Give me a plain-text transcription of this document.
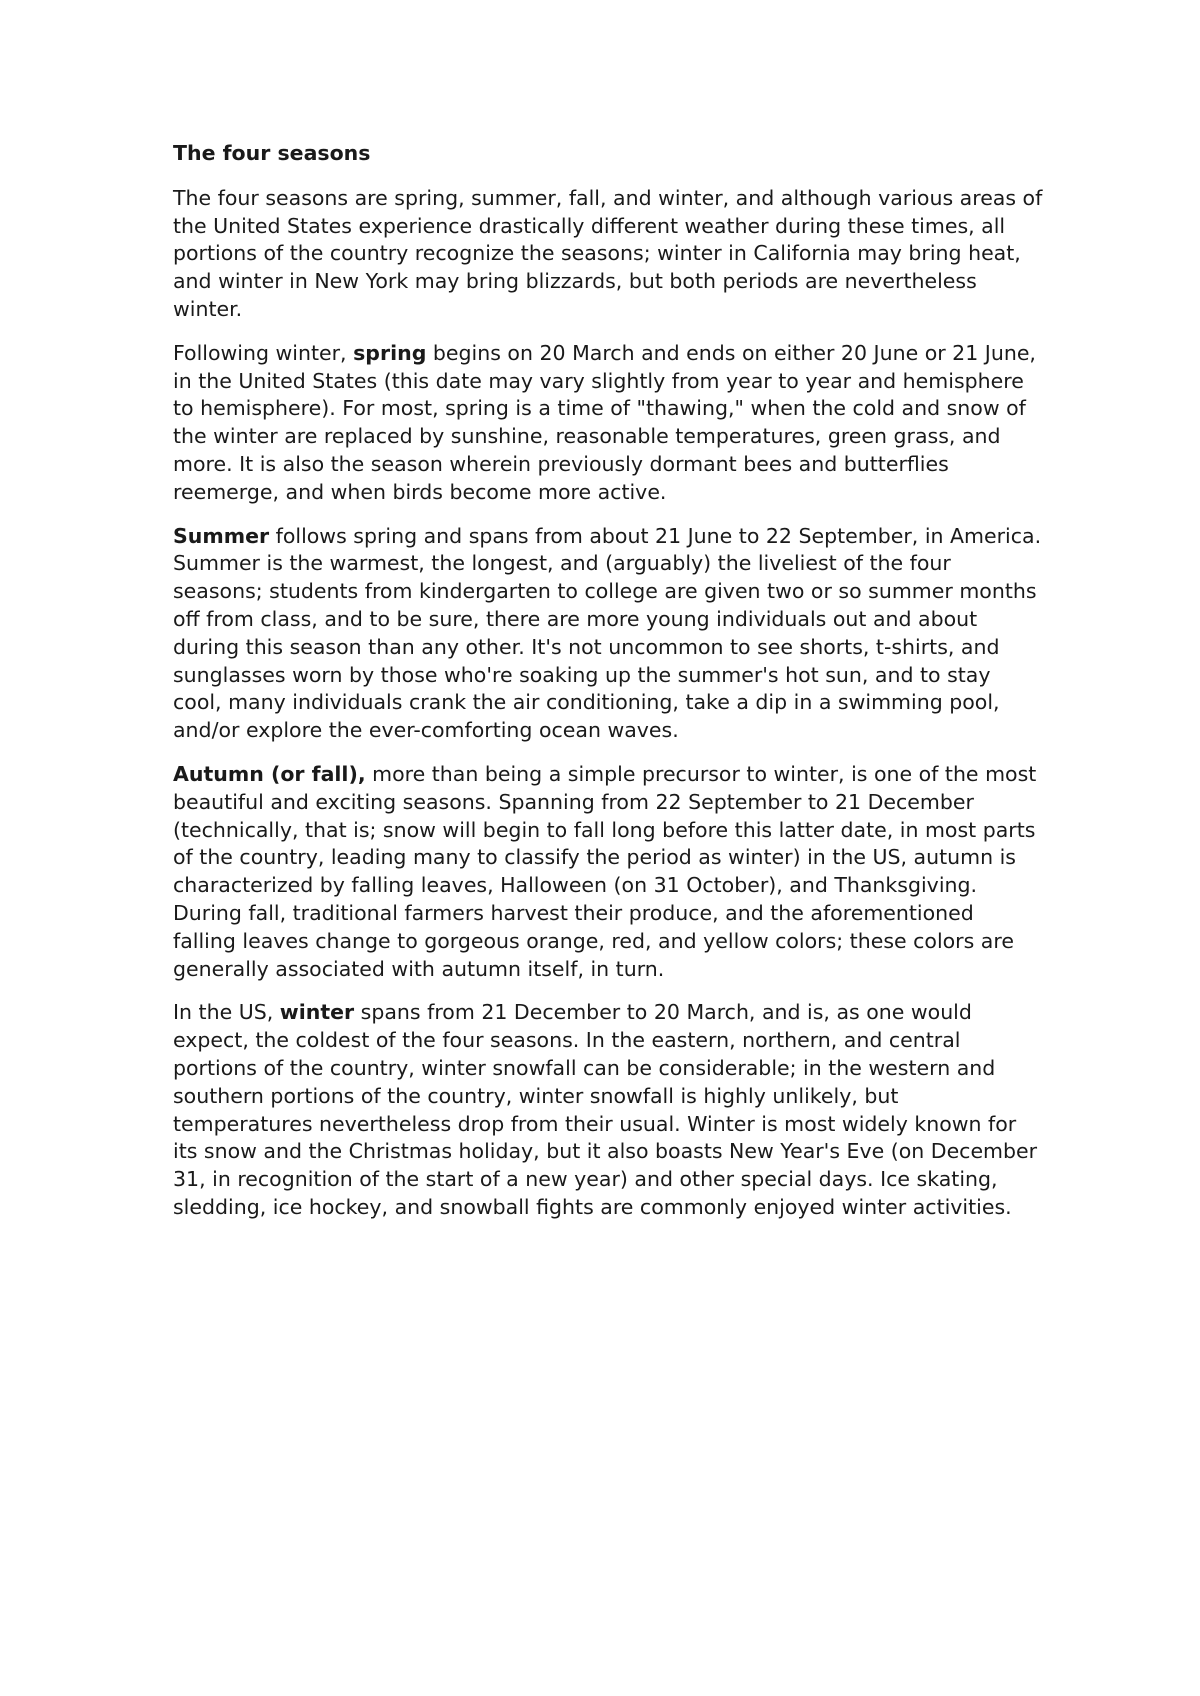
The four seasons

The four seasons are spring, summer, fall, and winter, and although various areas of the United States experience drastically different weather during these times, all portions of the country recognize the seasons; winter in California may bring heat, and winter in New York may bring blizzards, but both periods are nevertheless winter.

Following winter, spring begins on 20 March and ends on either 20 June or 21 June, in the United States (this date may vary slightly from year to year and hemisphere to hemisphere). For most, spring is a time of "thawing," when the cold and snow of the winter are replaced by sunshine, reasonable temperatures, green grass, and more. It is also the season wherein previously dormant bees and butterflies reemerge, and when birds become more active.

Summer follows spring and spans from about 21 June to 22 September, in America. Summer is the warmest, the longest, and (arguably) the liveliest of the four seasons; students from kindergarten to college are given two or so summer months off from class, and to be sure, there are more young individuals out and about during this season than any other. It's not uncommon to see shorts, t-shirts, and sunglasses worn by those who're soaking up the summer's hot sun, and to stay cool, many individuals crank the air conditioning, take a dip in a swimming pool, and/or explore the ever-comforting ocean waves.

Autumn (or fall), more than being a simple precursor to winter, is one of the most beautiful and exciting seasons. Spanning from 22 September to 21 December (technically, that is; snow will begin to fall long before this latter date, in most parts of the country, leading many to classify the period as winter) in the US, autumn is characterized by falling leaves, Halloween (on 31 October), and Thanksgiving. During fall, traditional farmers harvest their produce, and the aforementioned falling leaves change to gorgeous orange, red, and yellow colors; these colors are generally associated with autumn itself, in turn.

In the US, winter spans from 21 December to 20 March, and is, as one would expect, the coldest of the four seasons. In the eastern, northern, and central portions of the country, winter snowfall can be considerable; in the western and southern portions of the country, winter snowfall is highly unlikely, but temperatures nevertheless drop from their usual. Winter is most widely known for its snow and the Christmas holiday, but it also boasts New Year's Eve (on December 31, in recognition of the start of a new year) and other special days. Ice skating, sledding, ice hockey, and snowball fights are commonly enjoyed winter activities.
